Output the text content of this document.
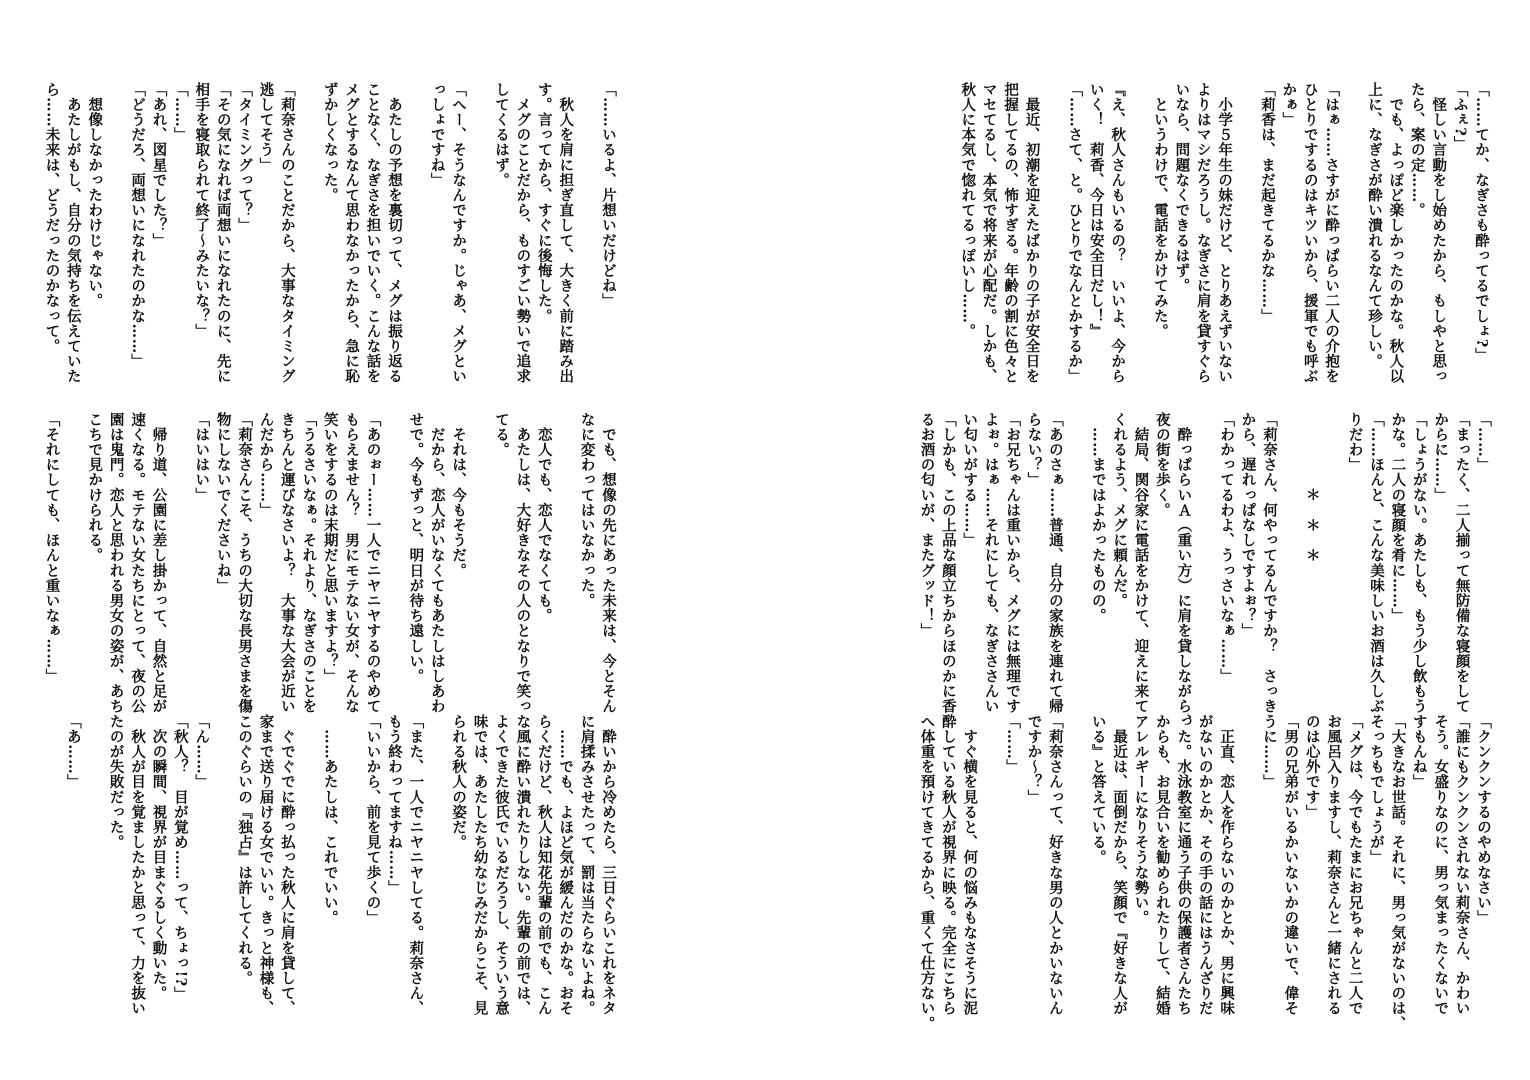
「……てか、なぎさも酔ってるでしょ?」
「ふぇ?」
　怪しい言動をし始めたから、もしやと思っ
たら、案の定……。
　でも、よっぽど楽しかったのかな。秋人以
上に、なぎさが酔い潰れるなんて珍しい。

「はぁ……さすがに酔っぱらい二人の介抱を
ひとりでするのはキツいから、援軍でも呼ぶ
かぁ」
「莉香は、まだ起きてるかな……」

　小学５年生の妹だけど、とりあえずいない
よりはマシだろうし。なぎさに肩を貸すぐら
いなら、問題なくできるはず。
　というわけで、電話をかけてみた。

『え、秋人さんもいるの？　いいよ、今から
いく！　莉香、今日は安全日だし！』
「……さて、と。ひとりでなんとかするか」

　最近、初潮を迎えたばかりの子が安全日を
把握してるの、怖すぎる。年齢の割に色々と
マセてるし、本気で将来が心配だ。しかも、
秋人に本気で惚れてるっぽいし……。
「……」
「まったく、二人揃って無防備な寝顔をして
からに……」
「しょうがない。あたしも、もう少し飲もう
かな。二人の寝顔を肴に……」
「……ほんと、こんな美味しいお酒は久しぶ
りだわ」

　　　　　＊　＊　＊

「莉奈さん、何やってるんですか？　さっき
から、遅れっぱなしですよぉ？」
「わかってるわよ、うっさいなぁ……」

　酔っぱらいＡ（重い方）に肩を貸しながら、
夜の街を歩く。
　結局、関谷家に電話をかけて、迎えに来て
くれるよう、メグに頼んだ。
　……まではよかったものの。

「あのさぁ……普通、自分の家族を連れて帰
らない？」
「お兄ちゃんは重いから、メグには無理です
よぉ。はぁ……それにしても、なぎささんい
い匂いがする……」
「しかも、この上品な顔立ちからほのかに香
るお酒の匂いが、またグッド！」
「クンクンするのやめなさい」
「誰にもクンクンされない莉奈さん、かわい
そう。女盛りなのに、男っ気まったくないで
すもんね」
「大きなお世話。それに、男っ気がないのは、
そっちもでしょうが」
「メグは、今でもたまにお兄ちゃんと二人で
お風呂入りますし、莉奈さんと一緒にされる
のは心外です」
「男の兄弟がいるかいないかの違いで、偉そ
うに……」

　正直、恋人を作らないのかとか、男に興味
がないのかとか、その手の話にはうんざりだ
った。水泳教室に通う子供の保護者さんたち
からも、お見合いを勧められたりして、結婚
アレルギーになりそうな勢い。
　最近は、面倒だから、笑顔で『好きな人が
いる』と答えている。

「莉奈さんって、好きな男の人とかいないん
ですか～？」
「……」

　すぐ横を見ると、何の悩みもなさそうに泥
酔している秋人が視界に映る。完全にこちら
へ体重を預けてきてるから、重くて仕方ない。
「……いるよ、片想いだけどね」

　秋人を肩に担ぎ直して、大きく前に踏み出
す。言ってから、すぐに後悔した。
　メグのことだから、ものすごい勢いで追求
してくるはず。

「へー、そうなんですか。じゃあ、メグとい
っしょですね」

　あたしの予想を裏切って、メグは振り返る
ことなく、なぎさを担いでいく。こんな話を
メグとするなんて思わなかったから、急に恥
ずかしくなった。

「莉奈さんのことだから、大事なタイミング
逃してそう」
「タイミングって？」
「その気になれば両想いになれたのに、先に
相手を寝取られて終了～みたいな？」
「……」
「あれ、図星でした？」
「どうだろ、両想いになれたのかな……」

　想像しなかったわけじゃない。
　あたしがもし、自分の気持ちを伝えていた
ら……未来は、どうだったのかなって。
　でも、想像の先にあった未来は、今とそん
なに変わってはいなかった。

　恋人でも、恋人でなくても。
　あたしは、大好きなその人のとなりで笑っ
てる。

　それは、今もそうだ。
　だから、恋人がいなくてもあたしはしあわ
せで。今もずっと、明日が待ち遠しい。

「あのぉー……一人でニヤニヤするのやめて
もらえません？　男にモテない女が、そんな
笑いをするのは末期だと思いますよ？」
「うるさいなぁ。それより、なぎさのことを
きちんと運びなさいよ？　大事な大会が近い
んだから……」
「莉奈さんこそ、うちの大切な長男さまを傷
物にしないでくださいね」
「はいはい」

　帰り道、公園に差し掛かって、自然と足が
速くなる。モテない女たちにとって、夜の公
園は鬼門。恋人と思われる男女の姿が、あち
こちで見かけられる。

「それにしても、ほんと重いなぁ……」
　酔いから冷めたら、三日ぐらいこれをネタ
に肩揉みさせたって、罰は当たらないよね。
　……でも、よほど気が緩んだのかな。おそ
らくだけど、秋人は知花先輩の前でも、こん
な風に酔い潰れたりしない。先輩の前では、
よくできた彼氏でいるだろうし、そういう意
味では、あたしたち幼なじみだからこそ、見
られる秋人の姿だ。

「また、一人でニヤニヤしてる。莉奈さん、
もう終わってますね……」
「いいから、前を見て歩くの」

　……あたしは、これでいい。

　ぐでぐでに酔っ払った秋人に肩を貸して、
家まで送り届ける女でいい。きっと神様も、
このぐらいの『独占』は許してくれる。

「ん……」
「秋人？　目が覚め……って、ちょっ!?」
　次の瞬間、視界が目まぐるしく動いた。
　秋人が目を覚ましたかと思って、力を抜い
たのが失敗だった。

「あ……」
